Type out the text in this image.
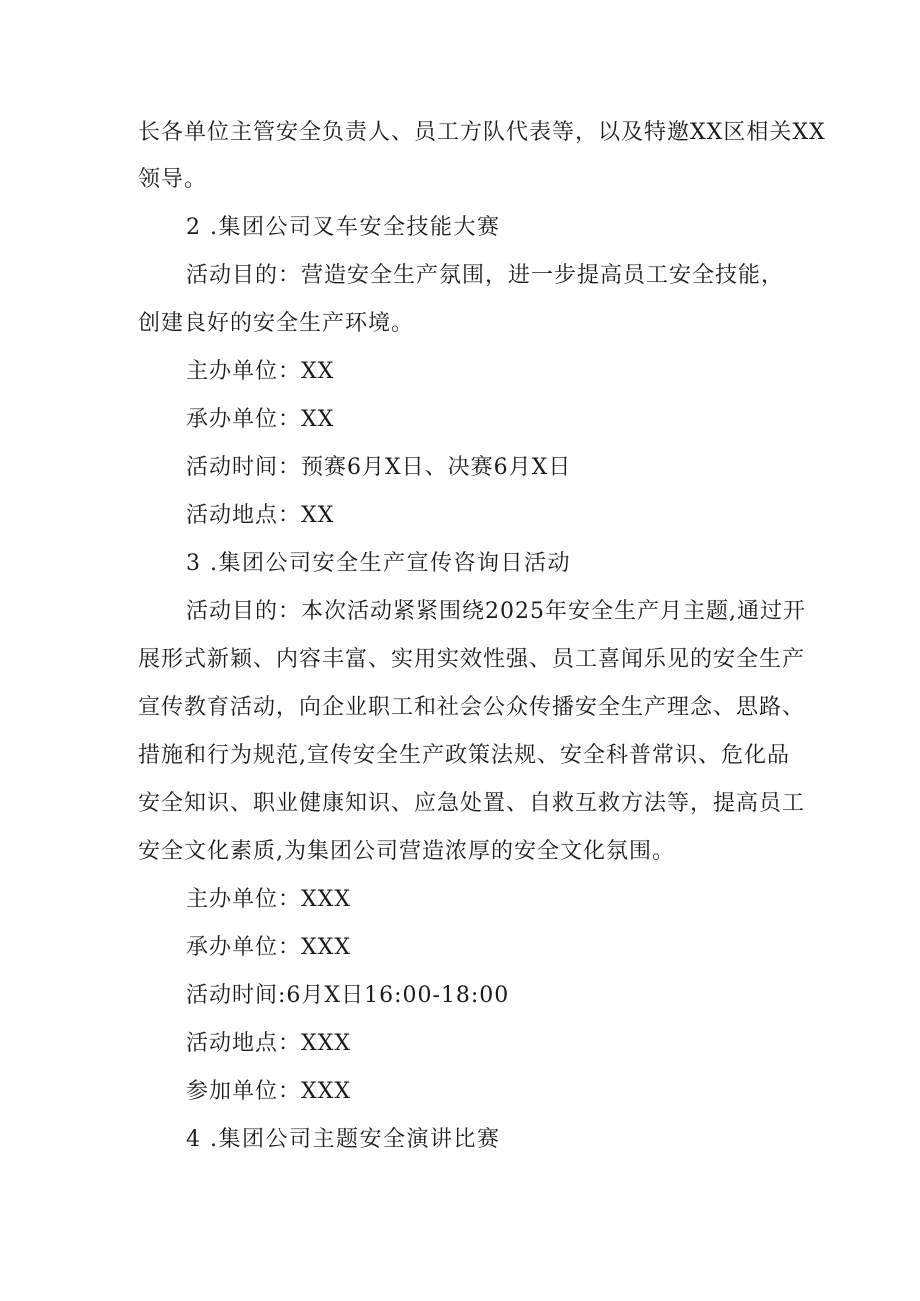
长各单位主管安全负责人、员工方队代表等，以及特邀XX区相关XX
领导。
2 .集团公司叉车安全技能大赛
活动目的：营造安全生产氛围，进一步提高员工安全技能，
创建良好的安全生产环境。
主办单位：XX
承办单位：XX
活动时间：预赛6月X日、决赛6月X日
活动地点：XX
3 .集团公司安全生产宣传咨询日活动
活动目的：本次活动紧紧围绕2025年安全生产月主题,通过开
展形式新颖、内容丰富、实用实效性强、员工喜闻乐见的安全生产
宣传教育活动，向企业职工和社会公众传播安全生产理念、思路、
措施和行为规范,宣传安全生产政策法规、安全科普常识、危化品
安全知识、职业健康知识、应急处置、自救互救方法等，提高员工
安全文化素质,为集团公司营造浓厚的安全文化氛围。
主办单位：XXX
承办单位：XXX
活动时间:6月X日16:00-18:00
活动地点：XXX
参加单位：XXX
4 .集团公司主题安全演讲比赛
